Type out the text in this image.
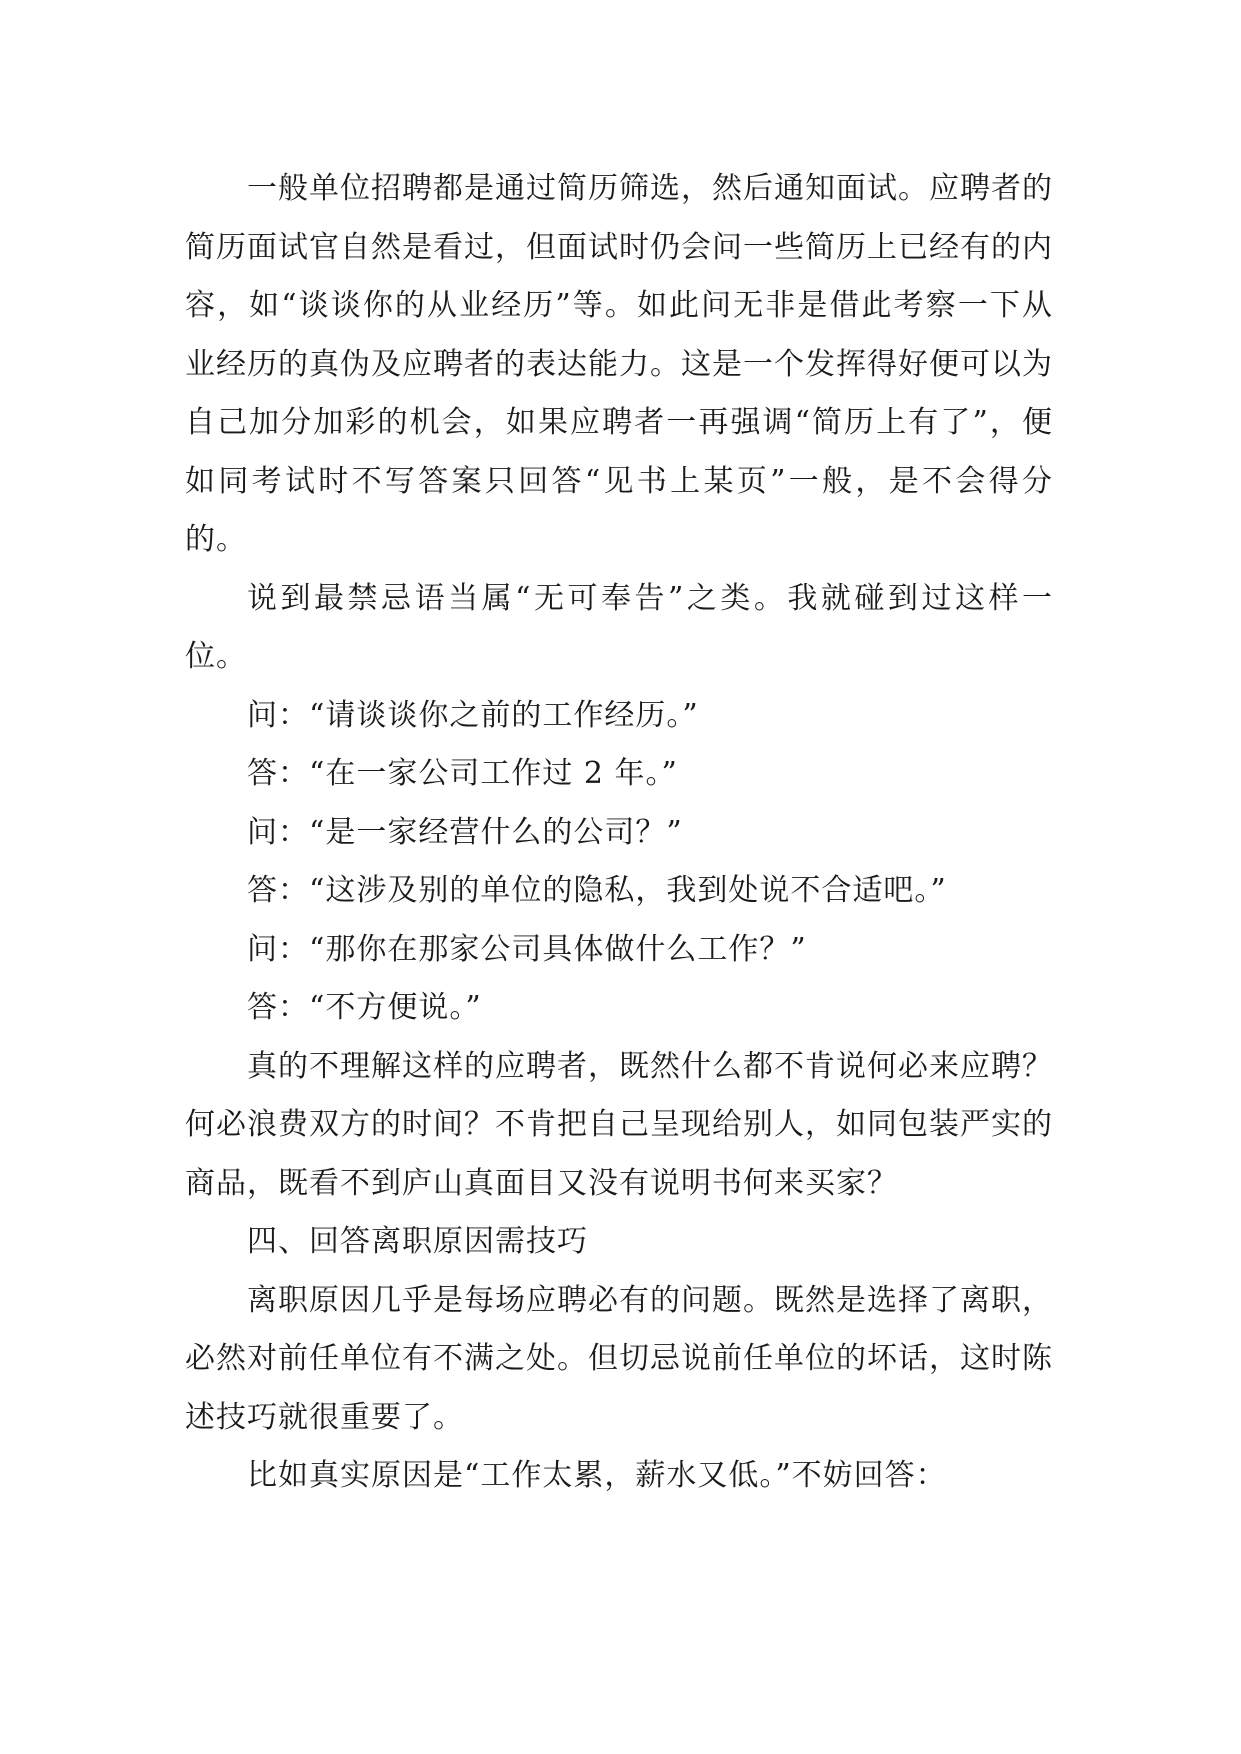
一般单位招聘都是通过简历筛选，然后通知面试。应聘者的简历面试官自然是看过，但面试时仍会问一些简历上已经有的内容，如“谈谈你的从业经历”等。如此问无非是借此考察一下从业经历的真伪及应聘者的表达能力。这是一个发挥得好便可以为自己加分加彩的机会，如果应聘者一再强调“简历上有了”，便如同考试时不写答案只回答“见书上某页”一般，是不会得分的。

说到最禁忌语当属“无可奉告”之类。我就碰到过这样一位。

问：“请谈谈你之前的工作经历。”

答：“在一家公司工作过 2 年。”

问：“是一家经营什么的公司？”

答：“这涉及别的单位的隐私，我到处说不合适吧。”

问：“那你在那家公司具体做什么工作？”

答：“不方便说。”

真的不理解这样的应聘者，既然什么都不肯说何必来应聘？何必浪费双方的时间？不肯把自己呈现给别人，如同包装严实的商品，既看不到庐山真面目又没有说明书何来买家？

四、回答离职原因需技巧

离职原因几乎是每场应聘必有的问题。既然是选择了离职，必然对前任单位有不满之处。但切忌说前任单位的坏话，这时陈述技巧就很重要了。

比如真实原因是“工作太累，薪水又低。”不妨回答：
